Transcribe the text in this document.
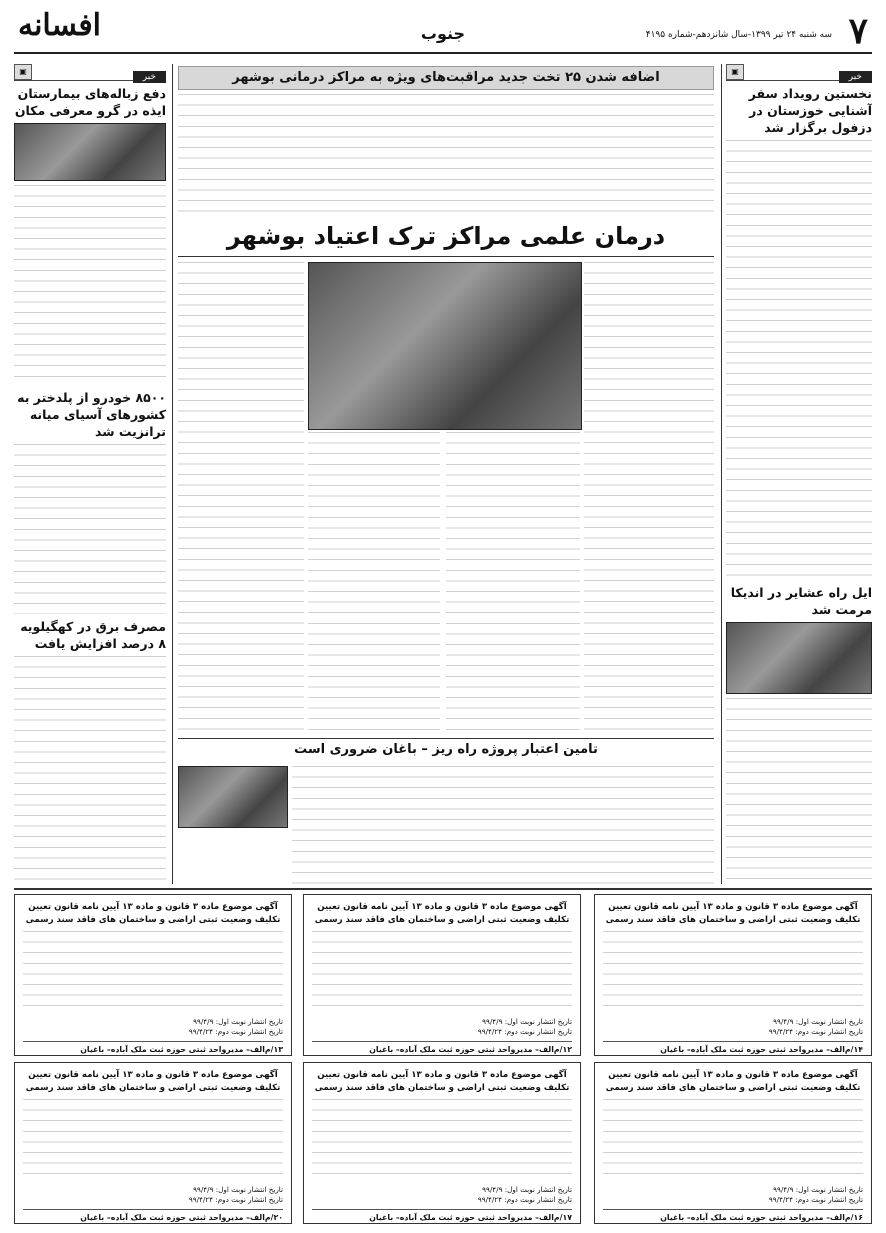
۷
سه شنبه ۲۴ تیر ۱۳۹۹-سال شانزدهم-شماره ۴۱۹۵
جنوب
افسانه
خبر
▣
نخستین رویداد سفر آشنایی خوزستان در دزفول برگزار شد
ایل راه عشایر در اندیکا مرمت شد
اضافه شدن ۲۵ تخت جدید مراقبت‌های ویژه به مراکز درمانی بوشهر
درمان علمی مراکز ترک اعتیاد بوشهر
تامین اعتبار پروژه راه ریز – باغان ضروری است
خبر
▣
دفع زباله‌های بیمارستان ایذه در گرو معرفی مکان
۸۵۰۰ خودرو از پلدختر به کشورهای آسیای میانه ترانزیت شد
مصرف برق در کهگیلویه ۸ درصد افزایش یافت
آگهی موضوع ماده ۳ قانون و ماده ۱۳ آیین نامه قانون تعیین تکلیف وضعیت ثبتی اراضی و ساختمان های فاقد سند رسمی
تاریخ انتشار نوبت اول: ۹۹/۴/۹
تاریخ انتشار نوبت دوم: ۹۹/۴/۲۴
۱۴/م‌الف– مدیرواحد ثبتی حوزه ثبت ملک آباده– باغیان
آگهی موضوع ماده ۳ قانون و ماده ۱۳ آیین نامه قانون تعیین تکلیف وضعیت ثبتی اراضی و ساختمان های فاقد سند رسمی
تاریخ انتشار نوبت اول: ۹۹/۴/۹
تاریخ انتشار نوبت دوم: ۹۹/۴/۲۴
۱۲/م‌الف– مدیرواحد ثبتی حوزه ثبت ملک آباده– باغیان
آگهی موضوع ماده ۳ قانون و ماده ۱۳ آیین نامه قانون تعیین تکلیف وضعیت ثبتی اراضی و ساختمان های فاقد سند رسمی
تاریخ انتشار نوبت اول: ۹۹/۴/۹
تاریخ انتشار نوبت دوم: ۹۹/۴/۲۴
۱۳/م‌الف– مدیرواحد ثبتی حوزه ثبت ملک آباده– باغیان
آگهی موضوع ماده ۳ قانون و ماده ۱۳ آیین نامه قانون تعیین تکلیف وضعیت ثبتی اراضی و ساختمان های فاقد سند رسمی
تاریخ انتشار نوبت اول: ۹۹/۴/۹
تاریخ انتشار نوبت دوم: ۹۹/۴/۲۴
۱۶/م‌الف– مدیرواحد ثبتی حوزه ثبت ملک آباده– باغیان
آگهی موضوع ماده ۳ قانون و ماده ۱۳ آیین نامه قانون تعیین تکلیف وضعیت ثبتی اراضی و ساختمان های فاقد سند رسمی
تاریخ انتشار نوبت اول: ۹۹/۴/۹
تاریخ انتشار نوبت دوم: ۹۹/۴/۲۴
۱۷/م‌الف– مدیرواحد ثبتی حوزه ثبت ملک آباده– باغیان
آگهی موضوع ماده ۳ قانون و ماده ۱۳ آیین نامه قانون تعیین تکلیف وضعیت ثبتی اراضی و ساختمان های فاقد سند رسمی
تاریخ انتشار نوبت اول: ۹۹/۴/۹
تاریخ انتشار نوبت دوم: ۹۹/۴/۲۴
۲۰/م‌الف– مدیرواحد ثبتی حوزه ثبت ملک آباده– باغیان
